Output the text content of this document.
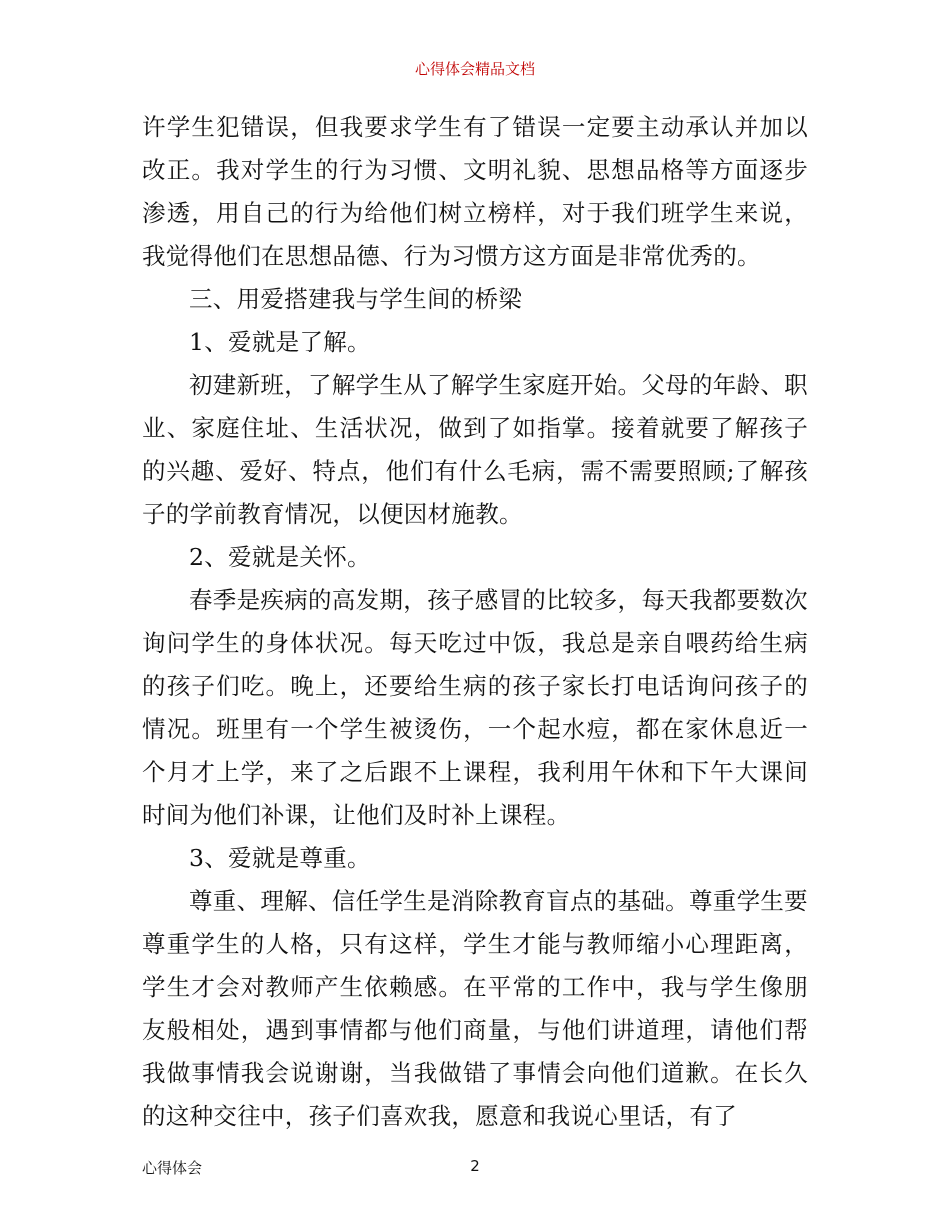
心得体会精品文档

许学生犯错误，但我要求学生有了错误一定要主动承认并加以改正。我对学生的行为习惯、文明礼貌、思想品格等方面逐步渗透，用自己的行为给他们树立榜样，对于我们班学生来说，我觉得他们在思想品德、行为习惯方这方面是非常优秀的。

三、用爱搭建我与学生间的桥梁

1、爱就是了解。

初建新班，了解学生从了解学生家庭开始。父母的年龄、职业、家庭住址、生活状况，做到了如指掌。接着就要了解孩子的兴趣、爱好、特点，他们有什么毛病，需不需要照顾;了解孩子的学前教育情况，以便因材施教。

2、爱就是关怀。

春季是疾病的高发期，孩子感冒的比较多，每天我都要数次询问学生的身体状况。每天吃过中饭，我总是亲自喂药给生病的孩子们吃。晚上，还要给生病的孩子家长打电话询问孩子的情况。班里有一个学生被烫伤，一个起水痘，都在家休息近一个月才上学，来了之后跟不上课程，我利用午休和下午大课间时间为他们补课，让他们及时补上课程。

3、爱就是尊重。

尊重、理解、信任学生是消除教育盲点的基础。尊重学生要尊重学生的人格，只有这样，学生才能与教师缩小心理距离，学生才会对教师产生依赖感。在平常的工作中，我与学生像朋友般相处，遇到事情都与他们商量，与他们讲道理，请他们帮我做事情我会说谢谢，当我做错了事情会向他们道歉。在长久的这种交往中，孩子们喜欢我，愿意和我说心里话，有了

心得体会	2
